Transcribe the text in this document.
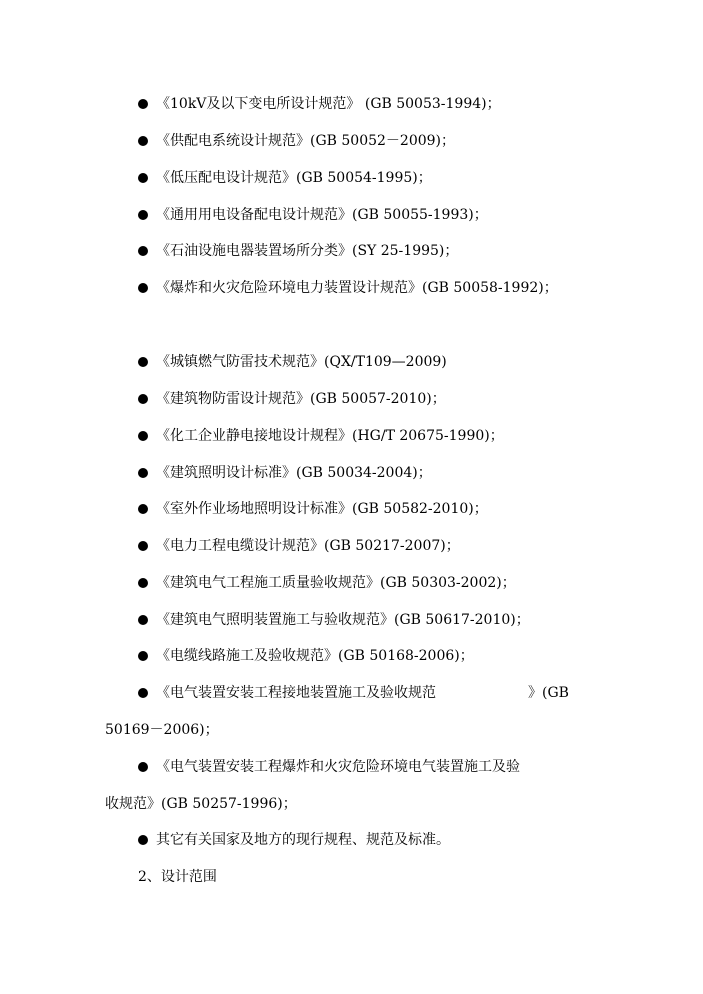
《10kV及以下变电所设计规范》 (GB 50053-1994)；
《供配电系统设计规范》(GB 50052－2009)；
《低压配电设计规范》(GB 50054-1995)；
《通用用电设备配电设计规范》(GB 50055-1993)；
《石油设施电器装置场所分类》(SY 25-1995)；
《爆炸和火灾危险环境电力装置设计规范》(GB 50058-1992)；
《城镇燃气防雷技术规范》(QX/T109—2009)
《建筑物防雷设计规范》(GB 50057-2010)；
《化工企业静电接地设计规程》(HG/T 20675-1990)；
《建筑照明设计标准》(GB 50034-2004)；
《室外作业场地照明设计标准》(GB 50582-2010)；
《电力工程电缆设计规范》(GB 50217-2007)；
《建筑电气工程施工质量验收规范》(GB 50303-2002)；
《建筑电气照明装置施工与验收规范》(GB 50617-2010)；
《电缆线路施工及验收规范》(GB 50168-2006)；
《电气装置安装工程接地装置施工及验收规范	》(GB
50169－2006)；
《电气装置安装工程爆炸和火灾危险环境电气装置施工及验
收规范》(GB 50257-1996)；
其它有关国家及地方的现行规程、规范及标准。
2、设计范围
